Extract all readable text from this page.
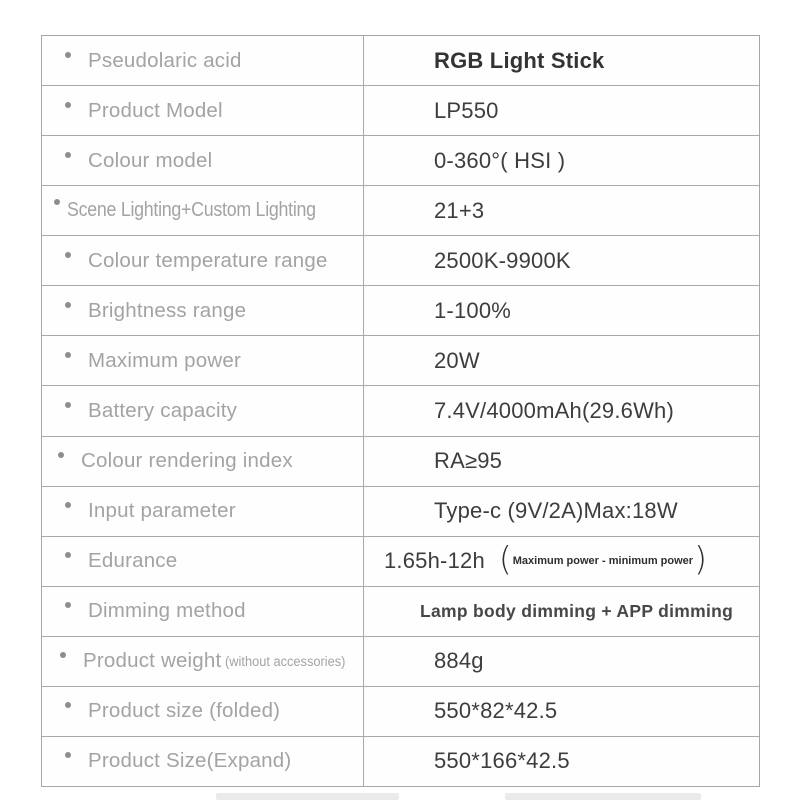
Pseudolaric acid	RGB Light Stick
Product Model	LP550
Colour model	0-360°( HSI )
Scene Lighting+Custom Lighting	21+3
Colour temperature range	2500K-9900K
Brightness range	1-100%
Maximum power	20W
Battery capacity	7.4V/4000mAh(29.6Wh)
Colour rendering index	RA≥95
Input parameter	Type-c (9V/2A)Max:18W
Edurance	1.65h-12h ( Maximum power - minimum power )
Dimming method	Lamp body dimming + APP dimming
Product weight (without accessories)	884g
Product size (folded)	550*82*42.5
Product Size(Expand)	550*166*42.5
